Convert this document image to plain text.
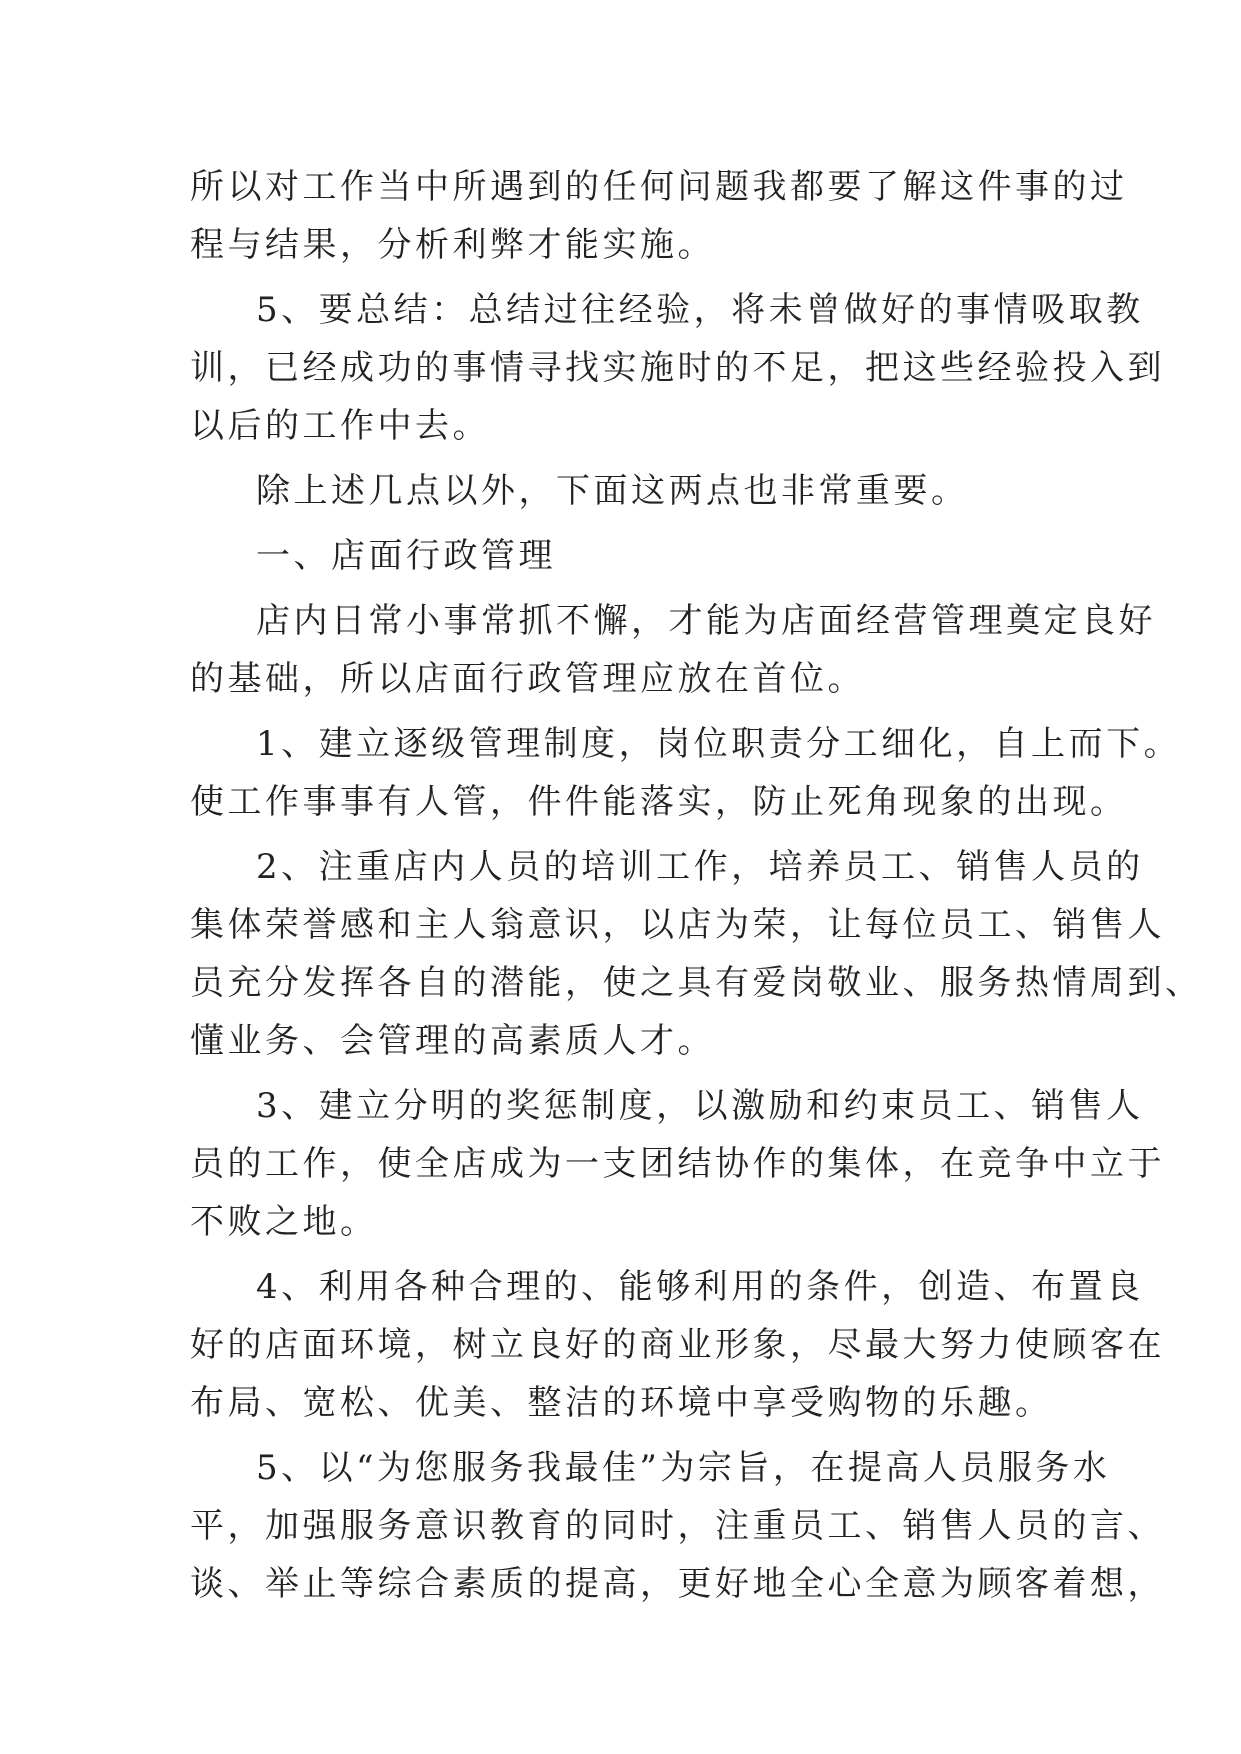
所以对工作当中所遇到的任何问题我都要了解这件事的过
程与结果，分析利弊才能实施。
5、要总结：总结过往经验，将未曾做好的事情吸取教
训，已经成功的事情寻找实施时的不足，把这些经验投入到
以后的工作中去。
除上述几点以外，下面这两点也非常重要。
一、店面行政管理
店内日常小事常抓不懈，才能为店面经营管理奠定良好
的基础，所以店面行政管理应放在首位。
1、建立逐级管理制度，岗位职责分工细化，自上而下。
使工作事事有人管，件件能落实，防止死角现象的出现。
2、注重店内人员的培训工作，培养员工、销售人员的
集体荣誉感和主人翁意识，以店为荣，让每位员工、销售人
员充分发挥各自的潜能，使之具有爱岗敬业、服务热情周到、
懂业务、会管理的高素质人才。
3、建立分明的奖惩制度，以激励和约束员工、销售人
员的工作，使全店成为一支团结协作的集体，在竞争中立于
不败之地。
4、利用各种合理的、能够利用的条件，创造、布置良
好的店面环境，树立良好的商业形象，尽最大努力使顾客在
布局、宽松、优美、整洁的环境中享受购物的乐趣。
5、以“为您服务我最佳”为宗旨，在提高人员服务水
平，加强服务意识教育的同时，注重员工、销售人员的言、
谈、举止等综合素质的提高，更好地全心全意为顾客着想，
